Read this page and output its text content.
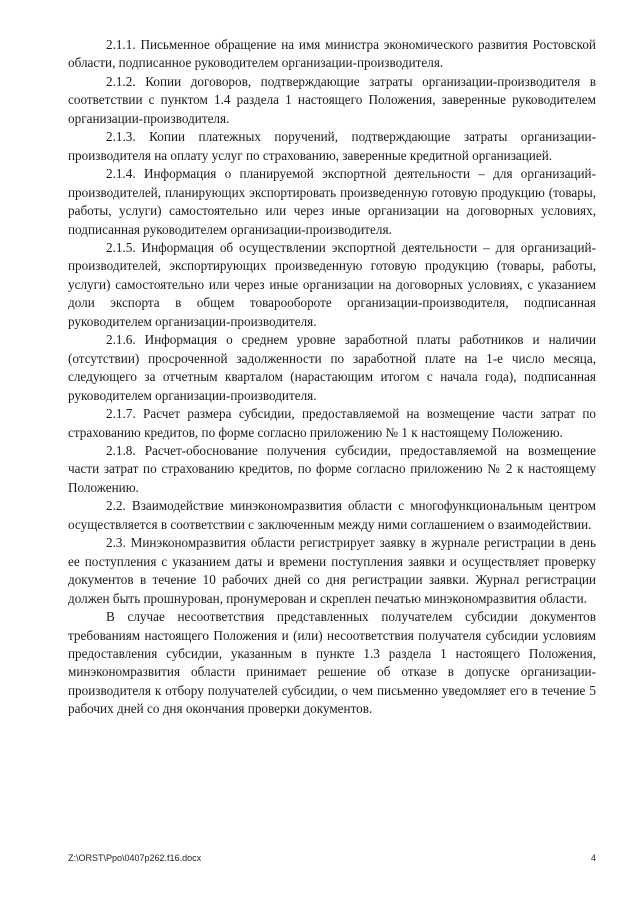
2.1.1. Письменное обращение на имя министра экономического развития Ростовской области, подписанное руководителем организации-производителя.

2.1.2. Копии договоров, подтверждающие затраты организации-производителя в соответствии с пунктом 1.4 раздела 1 настоящего Положения, заверенные руководителем организации-производителя.

2.1.3. Копии платежных поручений, подтверждающие затраты организации-производителя на оплату услуг по страхованию, заверенные кредитной организацией.

2.1.4. Информация о планируемой экспортной деятельности – для организаций-производителей, планирующих экспортировать произведенную готовую продукцию (товары, работы, услуги) самостоятельно или через иные организации на договорных условиях, подписанная руководителем организации-производителя.

2.1.5. Информация об осуществлении экспортной деятельности – для организаций-производителей, экспортирующих произведенную готовую продукцию (товары, работы, услуги) самостоятельно или через иные организации на договорных условиях, с указанием доли экспорта в общем товарообороте организации-производителя, подписанная руководителем организации-производителя.

2.1.6. Информация о среднем уровне заработной платы работников и наличии (отсутствии) просроченной задолженности по заработной плате на 1-е число месяца, следующего за отчетным кварталом (нарастающим итогом с начала года), подписанная руководителем организации-производителя.

2.1.7. Расчет размера субсидии, предоставляемой на возмещение части затрат по страхованию кредитов, по форме согласно приложению № 1 к настоящему Положению.

2.1.8. Расчет-обоснование получения субсидии, предоставляемой на возмещение части затрат по страхованию кредитов, по форме согласно приложению № 2 к настоящему Положению.

2.2. Взаимодействие минэкономразвития области с многофункциональным центром осуществляется в соответствии с заключенным между ними соглашением о взаимодействии.

2.3. Минэкономразвития области регистрирует заявку в журнале регистрации в день ее поступления с указанием даты и времени поступления заявки и осуществляет проверку документов в течение 10 рабочих дней со дня регистрации заявки. Журнал регистрации должен быть прошнурован, пронумерован и скреплен печатью минэкономразвития области.

В случае несоответствия представленных получателем субсидии документов требованиям настоящего Положения и (или) несоответствия получателя субсидии условиям предоставления субсидии, указанным в пункте 1.3 раздела 1 настоящего Положения, минэкономразвития области принимает решение об отказе в допуске организации-производителя к отбору получателей субсидии, о чем письменно уведомляет его в течение 5 рабочих дней со дня окончания проверки документов.

Z:\ORST\Ppo\0407p262.f16.docx	4
